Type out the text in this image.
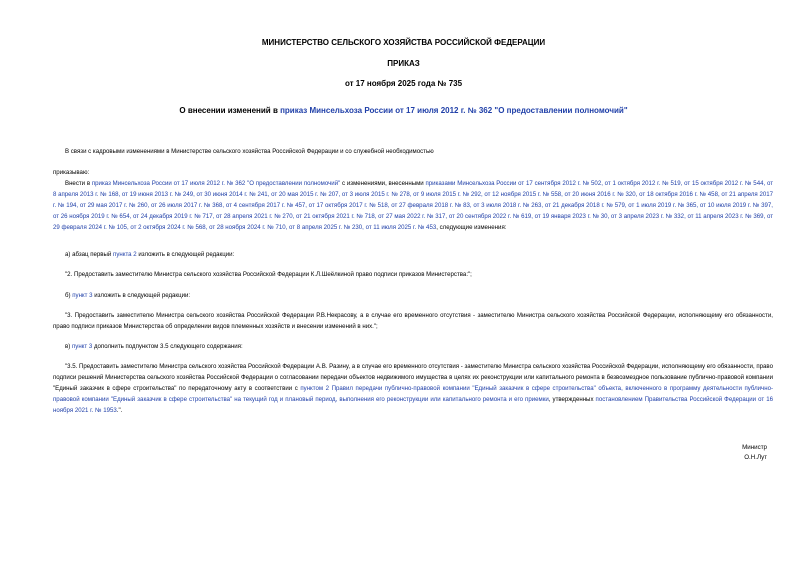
МИНИСТЕРСТВО СЕЛЬСКОГО ХОЗЯЙСТВА РОССИЙСКОЙ ФЕДЕРАЦИИ

ПРИКАЗ

от 17 ноября 2025 года № 735

О внесении изменений в приказ Минсельхоза России от 17 июля 2012 г. № 362 "О предоставлении полномочий"

В связи с кадровыми изменениями в Министерстве сельского хозяйства Российской Федерации и со служебной необходимостью

приказываю:

Внести в приказ Минсельхоза России от 17 июля 2012 г. № 362 "О предоставлении полномочий" с изменениями, внесенными приказами Минсельхоза России от 17 сентября 2012 г. № 502, от 1 октября 2012 г. № 519, от 15 октября 2012 г. № 544, от 8 апреля 2013 г. № 168, от 19 июня 2013 г. № 249, от 30 июня 2014 г. № 241, от 20 мая 2015 г. № 207, от 3 июля 2015 г. № 278, от 9 июля 2015 г. № 292, от 12 ноября 2015 г. № 558, от 20 июня 2016 г. № 320, от 18 октября 2016 г. № 458, от 21 апреля 2017 г. № 194, от 29 мая 2017 г. № 260, от 26 июля 2017 г. № 368, от 4 сентября 2017 г. № 457, от 17 октября 2017 г. № 518, от 27 февраля 2018 г. № 83, от 3 июля 2018 г. № 263, от 21 декабря 2018 г. № 579, от 1 июля 2019 г. № 365, от 10 июля 2019 г. № 397, от 26 ноября 2019 г. № 654, от 24 декабря 2019 г. № 717, от 28 апреля 2021 г. № 270, от 21 октября 2021 г. № 718, от 27 мая 2022 г. № 317, от 20 сентября 2022 г. № 619, от 19 января 2023 г. № 30, от 3 апреля 2023 г. № 332, от 11 апреля 2023 г. № 369, от 29 февраля 2024 г. № 105, от 2 октября 2024 г. № 568, от 28 ноября 2024 г. № 710, от 8 апреля 2025 г. № 230, от 11 июля 2025 г. № 453, следующие изменения:

а) абзац первый пункта 2 изложить в следующей редакции:

"2. Предоставить заместителю Министра сельского хозяйства Российской Федерации К.Л.Шеёлкиной право подписи приказов Министерства:";

б) пункт 3 изложить в следующей редакции:

"3. Предоставить заместителю Министра сельского хозяйства Российской Федерации Р.В.Некрасову, а в случае его временного отсутствия - заместителю Министра сельского хозяйства Российской Федерации, исполняющему его обязанности, право подписи приказов Министерства об определении видов племенных хозяйств и внесении изменений в них.";

в) пункт 3 дополнить подпунктом 3.5 следующего содержания:

"3.5. Предоставить заместителю Министра сельского хозяйства Российской Федерации А.В. Разину, а в случае его временного отсутствия - заместителю Министра сельского хозяйства Российской Федерации, исполняющему его обязанности, право подписи решений Министерства сельского хозяйства Российской Федерации о согласовании передачи объектов недвижимого имущества в целях их реконструкции или капитального ремонта в безвозмездное пользование публично-правовой компании "Единый заказчик в сфере строительства" по передаточному акту в соответствии с пунктом 2 Правил передачи публично-правовой компании "Единый заказчик в сфере строительства" объекта, включенного в программу деятельности публично-правовой компании "Единый заказчик в сфере строительства" на текущий год и плановый период, выполнения его реконструкции или капитального ремонта и его приемки, утвержденных постановлением Правительства Российской Федерации от 16 ноября 2021 г. № 1953.".

Министр

О.Н.Лут
